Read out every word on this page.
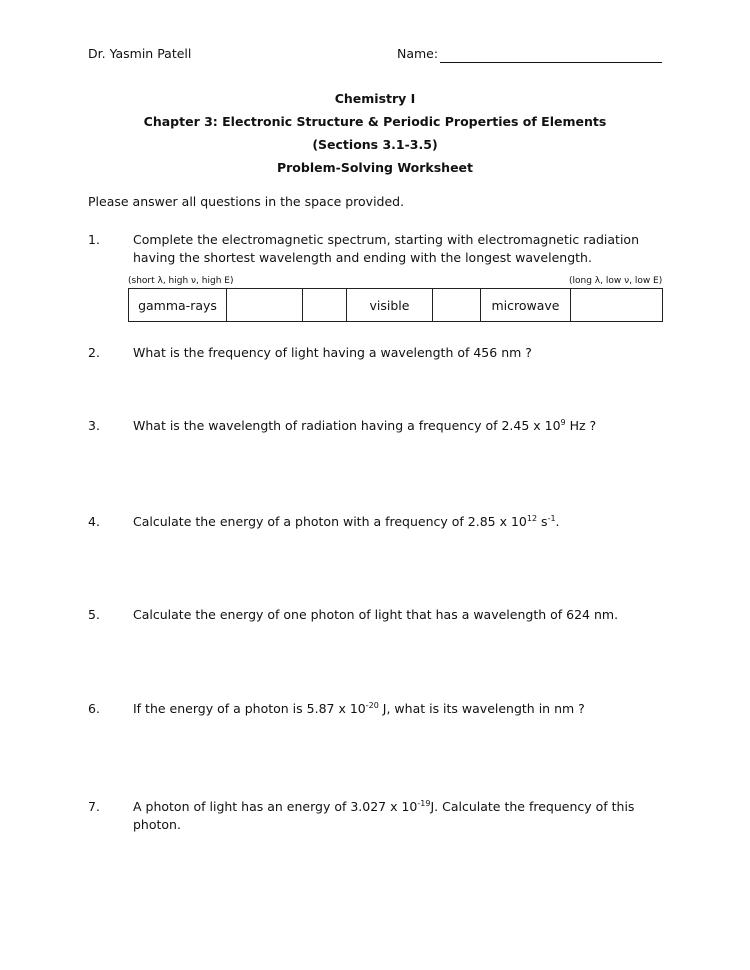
Dr. Yasmin Patell	Name:
Chemistry I
Chapter 3: Electronic Structure & Periodic Properties of Elements
(Sections 3.1-3.5)
Problem-Solving Worksheet
Please answer all questions in the space provided.
1.	Complete the electromagnetic spectrum, starting with electromagnetic radiation
having the shortest wavelength and ending with the longest wavelength.
(short λ, high ν, high E)	(long λ, low ν, low E)
gamma-rays			visible		microwave	
2.	What is the frequency of light having a wavelength of 456 nm ?
3.	What is the wavelength of radiation having a frequency of 2.45 x $10^9$ Hz ?
4.	Calculate the energy of a photon with a frequency of 2.85 x $10^{12}$ $s^{-1}$.
5.	Calculate the energy of one photon of light that has a wavelength of 624 nm.
6.	If the energy of a photon is 5.87 x $10^{-20}$ J, what is its wavelength in nm ?
7.	A photon of light has an energy of 3.027 x $10^{-19}J$. Calculate the frequency of this
photon.
